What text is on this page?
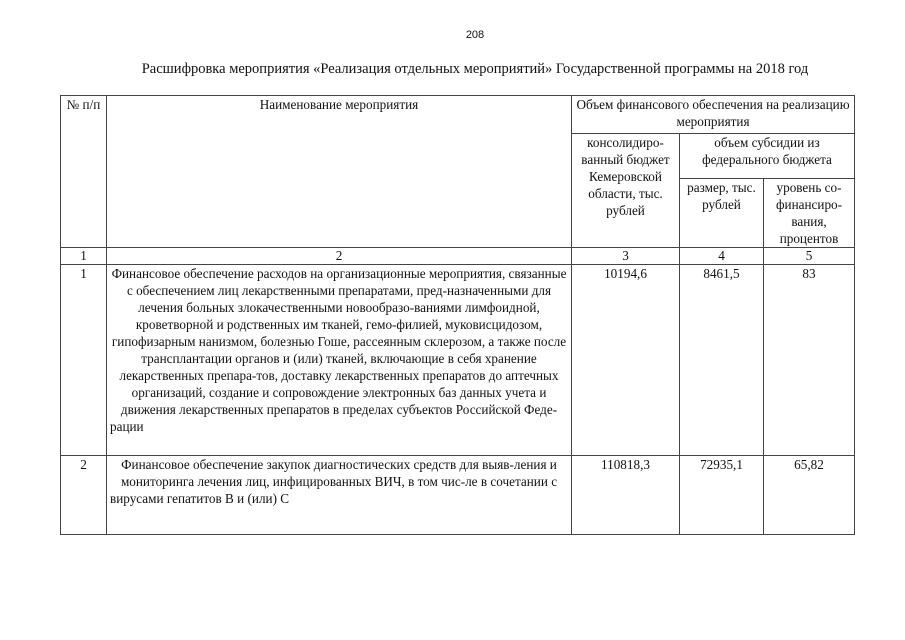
208
Расшифровка мероприятия «Реализация отдельных мероприятий» Государственной программы на 2018 год
№ п/п	Наименование мероприятия	Объем финансового обеспечения на реализацию мероприятия		
		консолидиро-ванный бюджет Кемеровской области, тыс. рублей	объем субсидии из федерального бюджета	
			размер, тыс. рублей	уровень со-финансиро-вания, процентов
1	2	3	4	5
1	Финансовое обеспечение расходов на организационные мероприятия, связанные с обеспечением лиц лекарственными препаратами, пред-назначенными для лечения больных злокачественными новообразо-ваниями лимфоидной, кроветворной и родственных им тканей, гемо-филией, муковисцидозом, гипофизарным нанизмом, болезнью Гоше, рассеянным склерозом, а также после трансплантации органов и (или) тканей, включающие в себя хранение лекарственных препара-тов, доставку лекарственных препаратов до аптечных организаций, создание и сопровождение электронных баз данных учета и движения лекарственных препаратов в пределах субъектов Российской Феде-рации	10194,6	8461,5	83
2	Финансовое обеспечение закупок диагностических средств для выяв-ления и мониторинга лечения лиц, инфицированных ВИЧ, в том чис-ле в сочетании с вирусами гепатитов В и (или) С	110818,3	72935,1	65,82
